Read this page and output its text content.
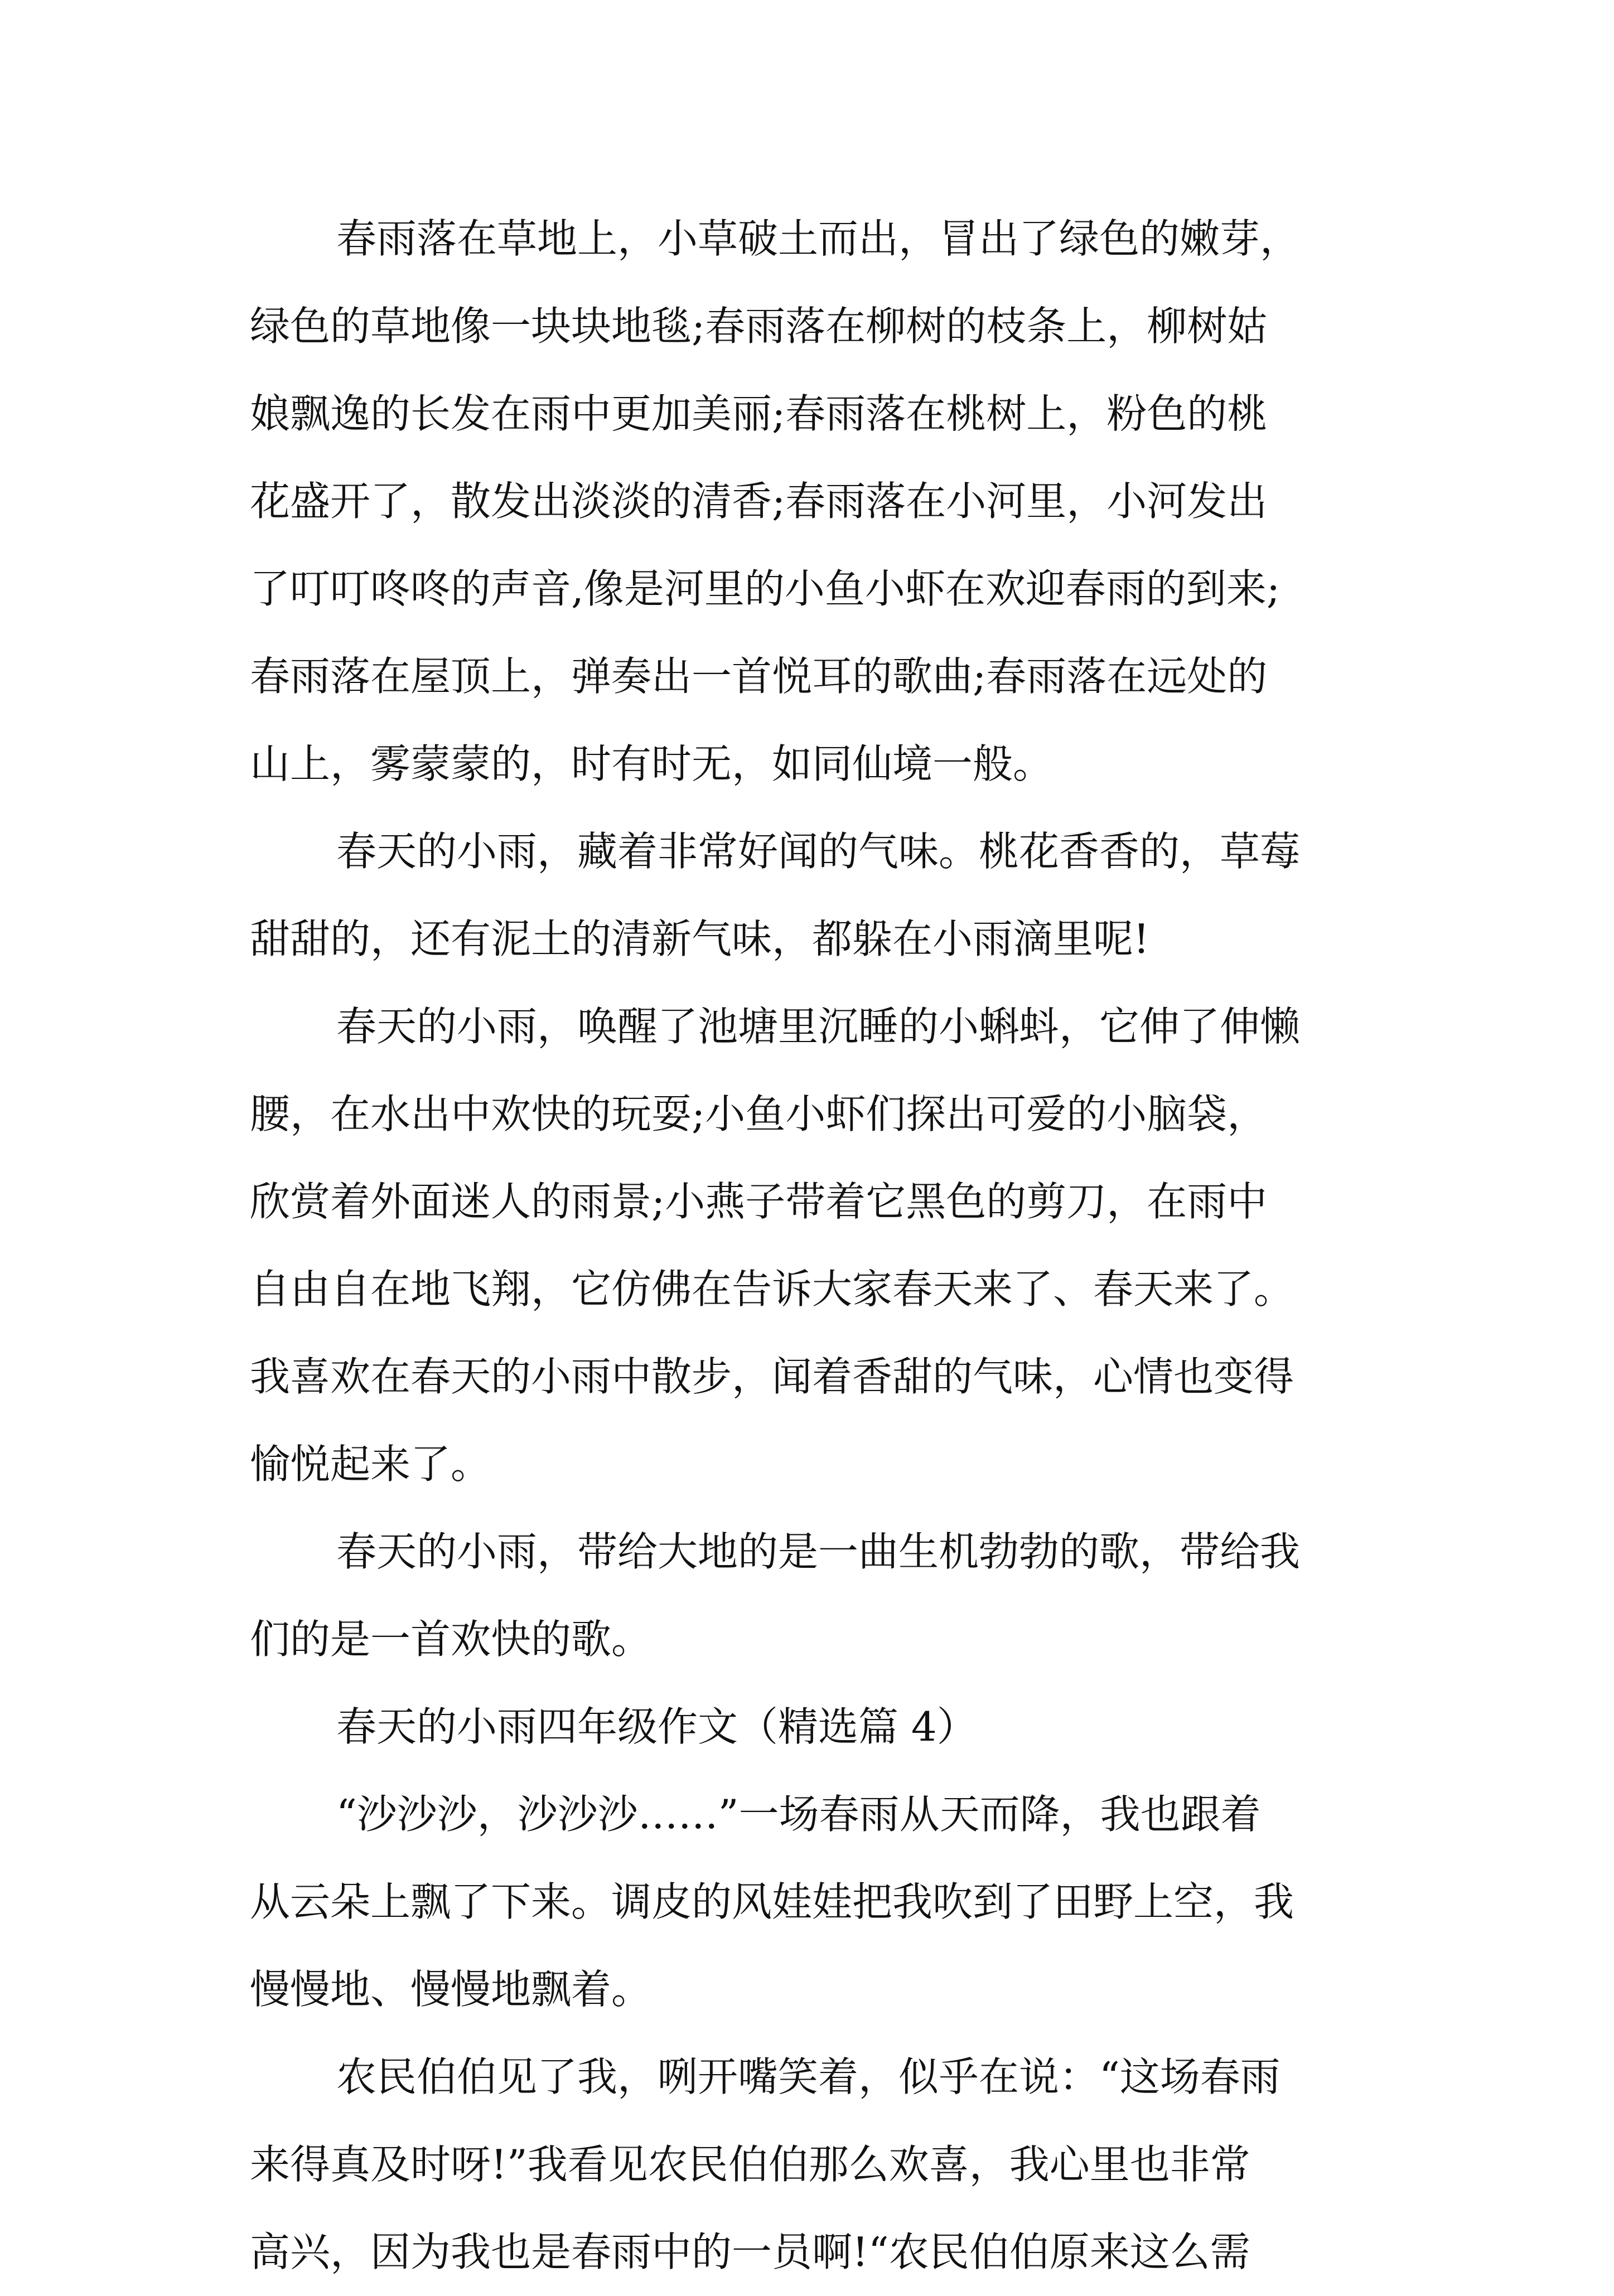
春雨落在草地上，小草破土而出，冒出了绿色的嫩芽，
绿色的草地像一块块地毯;春雨落在柳树的枝条上，柳树姑
娘飘逸的长发在雨中更加美丽;春雨落在桃树上，粉色的桃
花盛开了，散发出淡淡的清香;春雨落在小河里，小河发出
了叮叮咚咚的声音,像是河里的小鱼小虾在欢迎春雨的到来;
春雨落在屋顶上，弹奏出一首悦耳的歌曲;春雨落在远处的
山上，雾蒙蒙的，时有时无，如同仙境一般。
春天的小雨，藏着非常好闻的气味。桃花香香的，草莓
甜甜的，还有泥土的清新气味，都躲在小雨滴里呢!
春天的小雨，唤醒了池塘里沉睡的小蝌蚪，它伸了伸懒
腰，在水出中欢快的玩耍;小鱼小虾们探出可爱的小脑袋，
欣赏着外面迷人的雨景;小燕子带着它黑色的剪刀，在雨中
自由自在地飞翔，它仿佛在告诉大家春天来了、春天来了。
我喜欢在春天的小雨中散步，闻着香甜的气味，心情也变得
愉悦起来了。
春天的小雨，带给大地的是一曲生机勃勃的歌，带给我
们的是一首欢快的歌。
春天的小雨四年级作文（精选篇 4）
“沙沙沙，沙沙沙……”一场春雨从天而降，我也跟着
从云朵上飘了下来。调皮的风娃娃把我吹到了田野上空，我
慢慢地、慢慢地飘着。
农民伯伯见了我，咧开嘴笑着，似乎在说：“这场春雨
来得真及时呀!”我看见农民伯伯那么欢喜，我心里也非常
高兴，因为我也是春雨中的一员啊!“农民伯伯原来这么需
